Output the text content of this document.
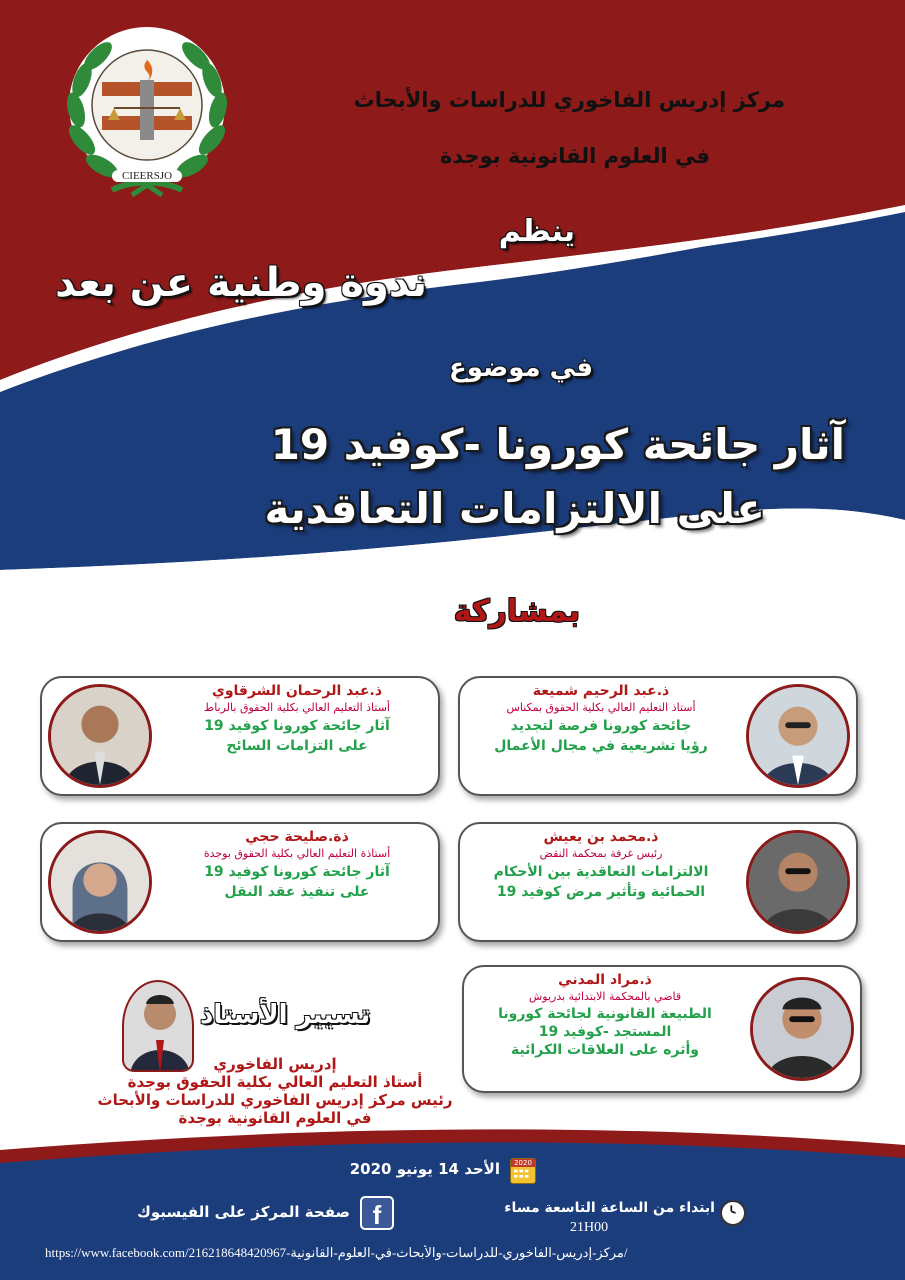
CIEERSJO
مركز إدريس الفاخوري للدراسات والأبحاث
في العلوم القانونية بوجدة
ينظم
ندوة وطنية عن بعد
في موضوع
آثار جائحة كورونا -كوفيد 19
على الالتزامات التعاقدية
بمشاركة
ذ.عبد الرحيم شميعة
أستاذ التعليم العالي بكلية الحقوق بمكناس
جائحة كورونا فرصة لتجديد
رؤيا تشريعية في مجال الأعمال
ذ.عبد الرحمان الشرقاوي
أستاذ التعليم العالي بكلية الحقوق بالرباط
آثار جائحة كورونا كوفيد 19
على التزامات السائح
ذ.محمد بن يعيش
رئيس غرفة بمحكمة النقض
الالتزامات التعاقدية بين الأحكام
الحمائية وتأثير مرض كوفيد 19
ذة.صليحة حجي
أستاذة التعليم العالي بكلية الحقوق بوجدة
آثار جائحة كورونا كوفيد 19
على تنفيذ عقد النقل
ذ.مراد المدني
قاضي بالمحكمة الابتدائية بدريوش
الطبيعة القانونية لجائحة كورونا
المستجد -كوفيد 19
وأثره على العلاقات الكرائية
تسيير الأستاذ
إدريس الفاخوري
أستاذ التعليم العالي بكلية الحقوق بوجدة
رئيس مركز إدريس الفاخوري للدراسات والأبحاث
في العلوم القانونية بوجدة
2020
الأحد 14 يونيو 2020
f
صفحة المركز على الفيسبوك	ابتداء من الساعة التاسعة مساء
21H00
https://www.facebook.com/مركز-إدريس-الفاخوري-للدراسات-والأبحاث-في-العلوم-القانونية-216218648420967/
